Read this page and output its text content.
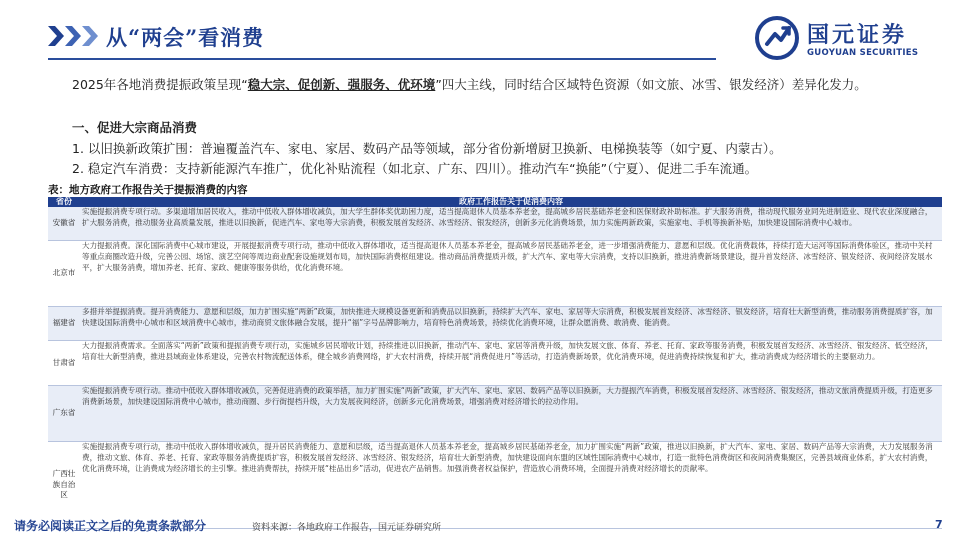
从“两会”看消费	国元证券
GUOYUAN SECURITIES
2025年各地消费提振政策呈现“稳大宗、促创新、强服务、优环境”四大主线，同时结合区域特色资源（如文旅、冰雪、银发经济）差异化发力。
一、促进大宗商品消费
1. 以旧换新政策扩围：普遍覆盖汽车、家电、家居、数码产品等领域，部分省份新增厨卫换新、电梯换装等（如宁夏、内蒙古）。
2. 稳定汽车消费：支持新能源汽车推广，优化补贴流程（如北京、广东、四川）。推动汽车“换能”（宁夏）、促进二手车流通。
表：地方政府工作报告关于提振消费的内容
省份	政府工作报告关于促消费内容
安徽省	实施提振消费专项行动。多渠道增加居民收入，推动中低收入群体增收减负，加大学生群体奖优助困力度，适当提高退休人员基本养老金，提高城乡居民基础养老金和医保财政补助标准。扩大服务消费，推动现代服务业同先进制造业、现代农业深度融合，扩大服务消费，推动服务业高质量发展，推进以旧换新，促进汽车、家电等大宗消费，积极发展首发经济、冰雪经济、银发经济，创新多元化消费场景，加力实施两新政策，实施家电、手机等换新补贴，加快建设国际消费中心城市。

北京市	大力提振消费。深化国际消费中心城市建设，开展提振消费专项行动，推动中低收入群体增收，适当提高退休人员基本养老金，提高城乡居民基础养老金，进一步增强消费能力、意愿和层级。优化消费载体，持续打造大运河等国际消费体验区，推动中关村等重点商圈改造升级，完善公园、场馆、演艺空间等周边商业配套设施规划布局，加快国际消费枢纽建设。推动商品消费提质升级，扩大汽车、家电等大宗消费，支持以旧换新，推进消费新场景建设，提升首发经济、冰雪经济、银发经济、夜间经济发展水平，扩大服务消费，增加养老、托育、家政、健康等服务供给，优化消费环境。

福建省	多措并举提振消费。提升消费能力、意愿和层级，加力扩围实施“两新”政策，加快推进大规模设备更新和消费品以旧换新，持续扩大汽车、家电、家居等大宗消费，积极发展首发经济、冰雪经济、银发经济，培育壮大新型消费，推动服务消费提质扩容，加快建设国际消费中心城市和区域消费中心城市，推动商贸文旅体融合发展，提升“福”字号品牌影响力，培育特色消费场景，持续优化消费环境，让群众愿消费、敢消费、能消费。

甘肃省	大力提振消费需求。全面落实“两新”政策和提振消费专项行动，实施城乡居民增收计划，持续推进以旧换新，推动汽车、家电、家居等消费升级，加快发展文旅、体育、养老、托育、家政等服务消费，积极发展首发经济、冰雪经济、银发经济、低空经济，培育壮大新型消费，推进县域商业体系建设，完善农村物流配送体系，健全城乡消费网络，扩大农村消费，持续开展“消费促进月”等活动，打造消费新场景，优化消费环境，促进消费持续恢复和扩大，推动消费成为经济增长的主要驱动力。

广东省	实施提振消费专项行动。推动中低收入群体增收减负，完善促进消费的政策举措，加力扩围实施“两新”政策，扩大汽车、家电、家居、数码产品等以旧换新，大力提振汽车消费，积极发展首发经济、冰雪经济、银发经济，推动文旅消费提质升级，打造更多消费新场景，加快建设国际消费中心城市，推动商圈、步行街提档升级，大力发展夜间经济，创新多元化消费场景，增强消费对经济增长的拉动作用。

广西壮族自治区	实施提振消费专项行动，推动中低收入群体增收减负，提升居民消费能力、意愿和层级，适当提高退休人员基本养老金，提高城乡居民基础养老金，加力扩围实施“两新”政策，推进以旧换新，扩大汽车、家电、家居、数码产品等大宗消费，大力发展服务消费，推动文旅、体育、养老、托育、家政等服务消费提质扩容，积极发展首发经济、冰雪经济、银发经济，培育壮大新型消费，加快建设面向东盟的区域性国际消费中心城市，打造一批特色消费街区和夜间消费集聚区，完善县域商业体系，扩大农村消费，优化消费环境，让消费成为经济增长的主引擎。推进消费帮扶，持续开展“桂品出乡”活动，促进农产品销售。加强消费者权益保护，营造放心消费环境，全面提升消费对经济增长的贡献率。
请务必阅读正文之后的免责条款部分	资料来源：各地政府工作报告，国元证券研究所	7
